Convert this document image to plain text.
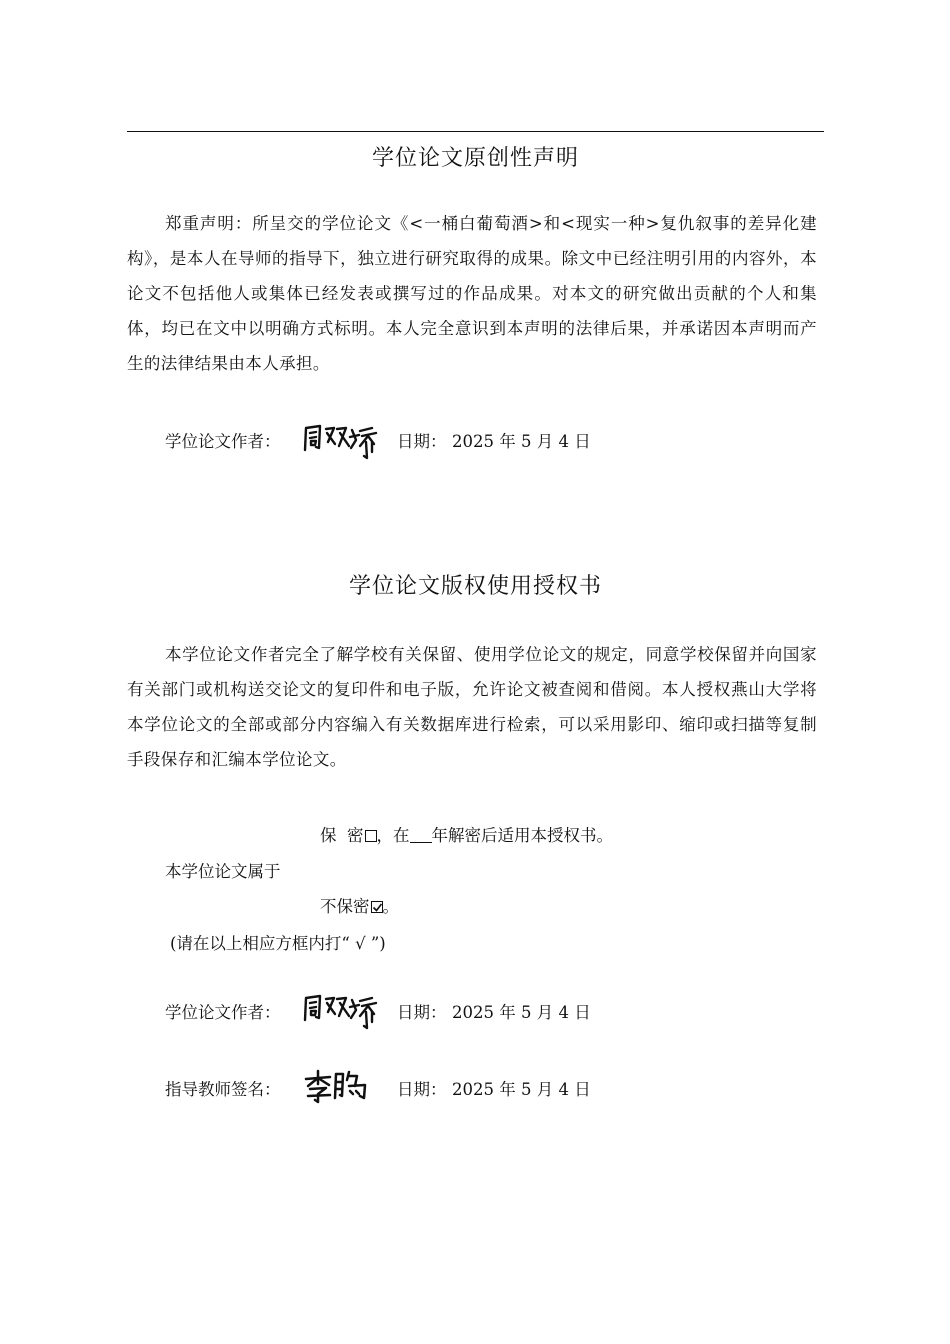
学位论文原创性声明
郑重声明：所呈交的学位论文《<一桶白葡萄酒>和<现实一种>复仇叙事的差异化建构》，是本人在导师的指导下，独立进行研究取得的成果。除文中已经注明引用的内容外，本论文不包括他人或集体已经发表或撰写过的作品成果。对本文的研究做出贡献的个人和集体，均已在文中以明确方式标明。本人完全意识到本声明的法律后果，并承诺因本声明而产生的法律结果由本人承担。
学位论文作者：	日期： 2025 年 5 月 4 日
学位论文版权使用授权书
本学位论文作者完全了解学校有关保留、使用学位论文的规定，同意学校保留并向国家有关部门或机构送交论文的复印件和电子版，允许论文被查阅和借阅。本人授权燕山大学将本学位论文的全部或部分内容编入有关数据库进行检索，可以采用影印、缩印或扫描等复制手段保存和汇编本学位论文。
保  密 ，在 年解密后适用本授权书。
本学位论文属于
不保密 。
(请在以上相应方框内打“ √ ”)
学位论文作者：	日期： 2025 年 5 月 4 日
指导教师签名：	日期： 2025 年 5 月 4 日
